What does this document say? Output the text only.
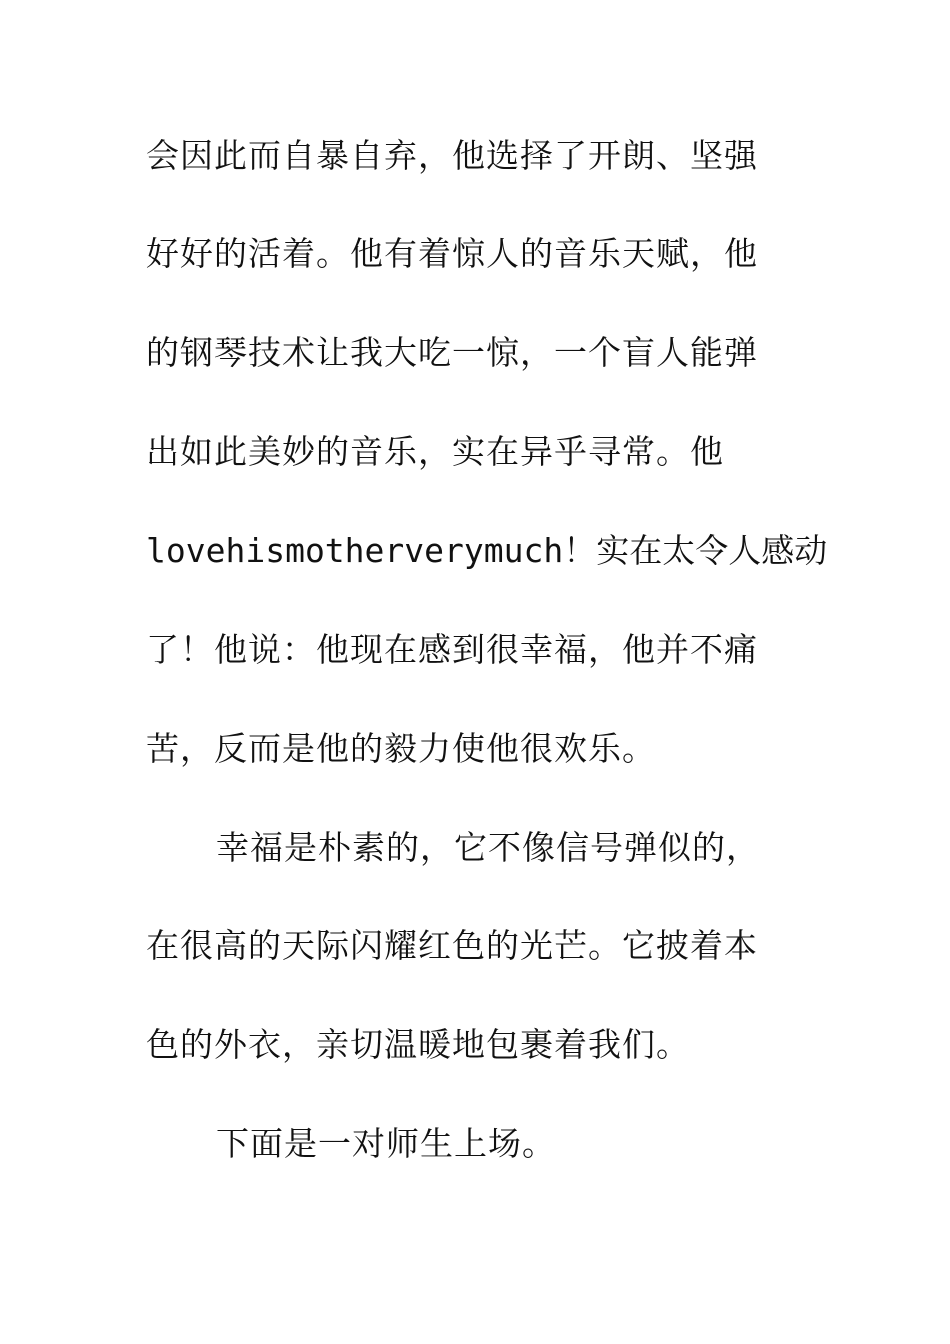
会因此而自暴自弃，他选择了开朗、坚强
好好的活着。他有着惊人的音乐天赋，他
的钢琴技术让我大吃一惊，一个盲人能弹
出如此美妙的音乐，实在异乎寻常。他
lovehismotherverymuch！实在太令人感动
了！他说：他现在感到很幸福，他并不痛
苦，反而是他的毅力使他很欢乐。
幸福是朴素的，它不像信号弹似的，
在很高的天际闪耀红色的光芒。它披着本
色的外衣，亲切温暖地包裹着我们。
下面是一对师生上场。
